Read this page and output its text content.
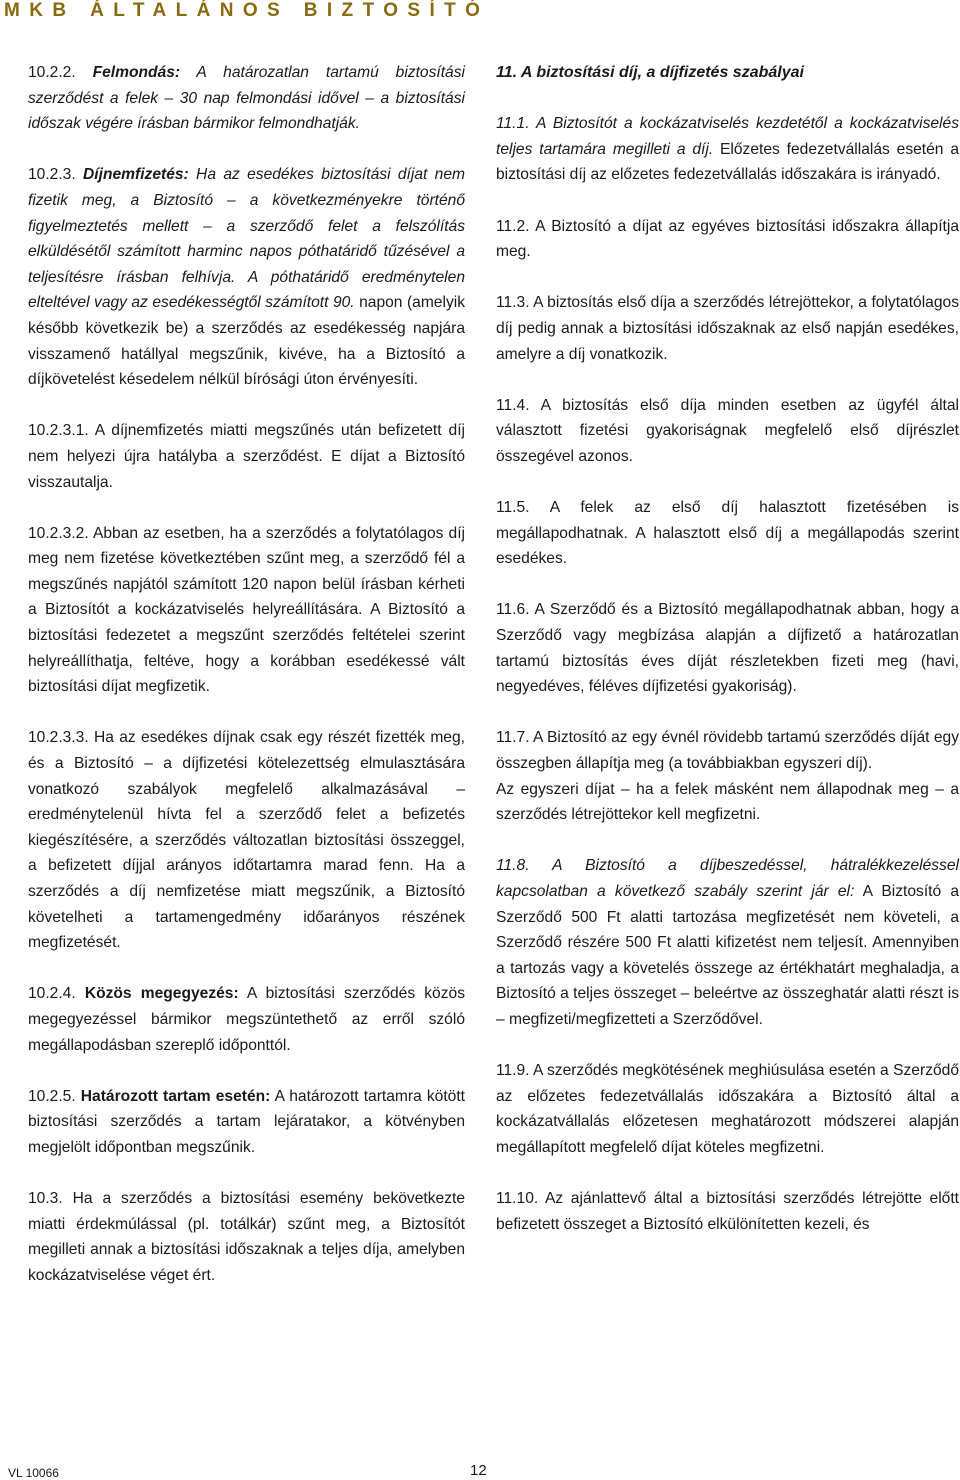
MKB ÁLTALÁNOS BIZTOSÍTÓ

10.2.2. Felmondás: A határozatlan tartamú biztosítási szerződést a felek – 30 nap felmondási idővel – a biztosítási időszak végére írásban bármikor felmondhatják.

10.2.3. Díjnemfizetés: Ha az esedékes biztosítási díjat nem fizetik meg, a Biztosító – a következményekre történő figyelmeztetés mellett – a szerződő felet a felszólítás elküldésétől számított harminc napos póthatáridő tűzésével a teljesítésre írásban felhívja. A póthatáridő eredménytelen elteltével vagy az esedékességtől számított 90. napon (amelyik később következik be) a szerződés az esedékesség napjára visszamenő hatállyal megszűnik, kivéve, ha a Biztosító a díjkövetelést késedelem nélkül bírósági úton érvényesíti.

10.2.3.1. A díjnemfizetés miatti megszűnés után befizetett díj nem helyezi újra hatályba a szerződést. E díjat a Biztosító visszautalja.

10.2.3.2. Abban az esetben, ha a szerződés a folytatólagos díj meg nem fizetése következtében szűnt meg, a szerződő fél a megszűnés napjától számított 120 napon belül írásban kérheti a Biztosítót a kockázatviselés helyreállítására. A Biztosító a biztosítási fedezetet a megszűnt szerződés feltételei szerint helyreállíthatja, feltéve, hogy a korábban esedékessé vált biztosítási díjat megfizetik.

10.2.3.3. Ha az esedékes díjnak csak egy részét fizették meg, és a Biztosító – a díjfizetési kötelezettség elmulasztására vonatkozó szabályok megfelelő alkalmazásával – eredménytelenül hívta fel a szerződő felet a befizetés kiegészítésére, a szerződés változatlan biztosítási összeggel, a befizetett díjjal arányos időtartamra marad fenn. Ha a szerződés a díj nemfizetése miatt megszűnik, a Biztosító követelheti a tartamengedmény időarányos részének megfizetését.

10.2.4. Közös megegyezés: A biztosítási szerződés közös megegyezéssel bármikor megszüntethető az erről szóló megállapodásban szereplő időponttól.

10.2.5. Határozott tartam esetén: A határozott tartamra kötött biztosítási szerződés a tartam lejáratakor, a kötvényben megjelölt időpontban megszűnik.

10.3. Ha a szerződés a biztosítási esemény bekövetkezte miatti érdekmúlással (pl. totálkár) szűnt meg, a Biztosítót megilleti annak a biztosítási időszaknak a teljes díja, amelyben kockázatviselése véget ért.

11. A biztosítási díj, a díjfizetés szabályai

11.1. A Biztosítót a kockázatviselés kezdetétől a kockázatviselés teljes tartamára megilleti a díj. Előzetes fedezetvállalás esetén a biztosítási díj az előzetes fedezetvállalás időszakára is irányadó.

11.2. A Biztosító a díjat az egyéves biztosítási időszakra állapítja meg.

11.3. A biztosítás első díja a szerződés létrejöttekor, a folytatólagos díj pedig annak a biztosítási időszaknak az első napján esedékes, amelyre a díj vonatkozik.

11.4. A biztosítás első díja minden esetben az ügyfél által választott fizetési gyakoriságnak megfelelő első díjrészlet összegével azonos.

11.5. A felek az első díj halasztott fizetésében is megállapodhatnak. A halasztott első díj a megállapodás szerint esedékes.

11.6. A Szerződő és a Biztosító megállapodhatnak abban, hogy a Szerződő vagy megbízása alapján a díjfizető a határozatlan tartamú biztosítás éves díját részletekben fizeti meg (havi, negyedéves, féléves díjfizetési gyakoriság).

11.7. A Biztosító az egy évnél rövidebb tartamú szerződés díját egy összegben állapítja meg (a továbbiakban egyszeri díj).
Az egyszeri díjat – ha a felek másként nem állapodnak meg – a szerződés létrejöttekor kell megfizetni.

11.8. A Biztosító a díjbeszedéssel, hátralékkezeléssel kapcsolatban a következő szabály szerint jár el: A Biztosító a Szerződő 500 Ft alatti tartozása megfizetését nem követeli, a Szerződő részére 500 Ft alatti kifizetést nem teljesít. Amennyiben a tartozás vagy a követelés összege az értékhatárt meghaladja, a Biztosító a teljes összeget – beleértve az összeghatár alatti részt is – megfizeti/megfizetteti a Szerződővel.

11.9. A szerződés megkötésének meghiúsulása esetén a Szerződő az előzetes fedezetvállalás időszakára a Biztosító által a kockázatvállalás előzetesen meghatározott módszerei alapján megállapított megfelelő díjat köteles megfizetni.

11.10. Az ajánlattevő által a biztosítási szerződés létrejötte előtt befizetett összeget a Biztosító elkülönítetten kezeli, és

VL 10066	12
